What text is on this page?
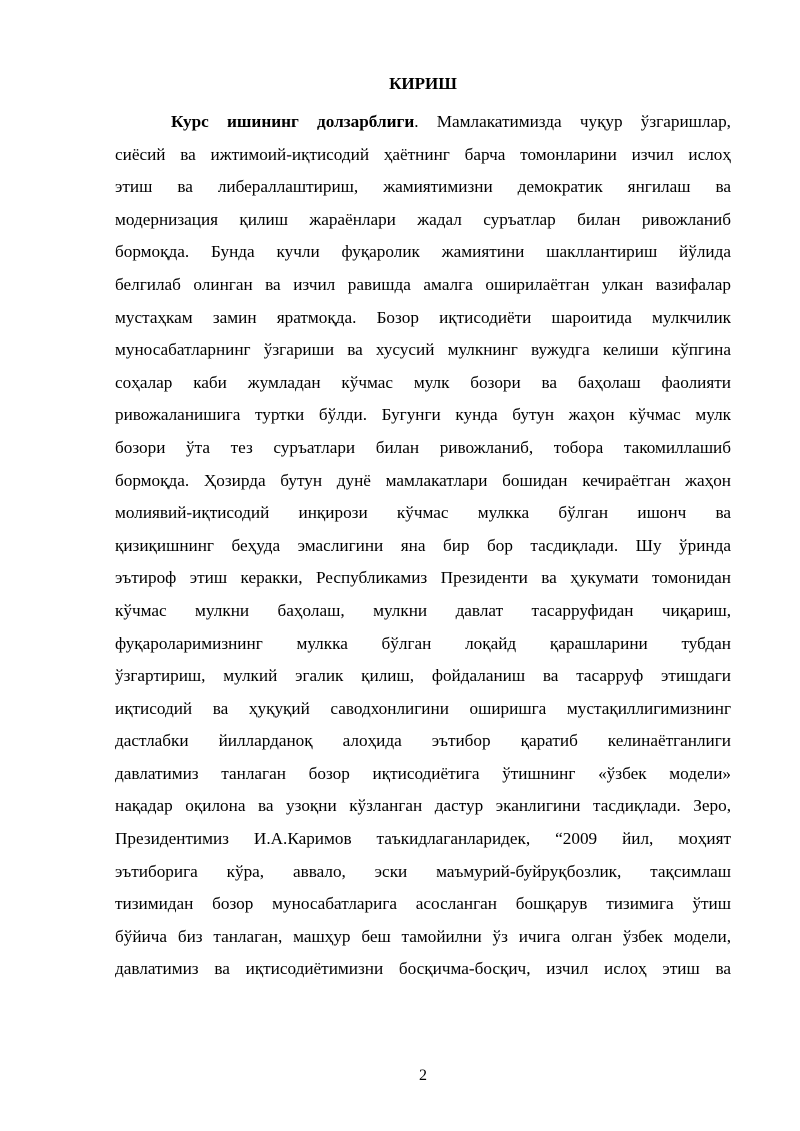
КИРИШ
Курс ишининг долзарблиги. Мамлакатимизда чуқур ўзгаришлар,
сиёсий ва ижтимоий-иқтисодий ҳаётнинг барча томонларини изчил ислоҳ
этиш ва либераллаштириш, жамиятимизни демократик янгилаш ва
модернизация қилиш жараёнлари жадал суръатлар билан ривожланиб
бормоқда. Бунда кучли фуқаролик жамиятини шакллантириш йўлида
белгилаб олинган ва изчил равишда амалга оширилаётган улкан вазифалар
мустаҳкам замин яратмоқда. Бозор иқтисодиёти шароитида мулкчилик
муносабатларнинг ўзгариши ва хусусий мулкнинг вужудга келиши кўпгина
соҳалар каби жумладан кўчмас мулк бозори ва баҳолаш фаолияти
ривожаланишига туртки бўлди. Бугунги кунда бутун жаҳон кўчмас мулк
бозори ўта тез суръатлари билан ривожланиб, тобора такомиллашиб
бормоқда. Ҳозирда бутун дунё мамлакатлари бошидан кечираётган жаҳон
молиявий-иқтисодий инқирози кўчмас мулкка бўлган ишонч ва
қизиқишнинг беҳуда эмаслигини яна бир бор тасдиқлади. Шу ўринда
эътироф этиш керакки, Республикамиз Президенти ва ҳукумати томонидан
кўчмас мулкни баҳолаш, мулкни давлат тасарруфидан чиқариш,
фуқароларимизнинг мулкка бўлган лоқайд қарашларини тубдан
ўзгартириш, мулкий эгалик қилиш, фойдаланиш ва тасарруф этишдаги
иқтисодий ва ҳуқуқий саводхонлигини оширишга мустақиллигимизнинг
дастлабки йилларданоқ алоҳида эътибор қаратиб келинаётганлиги
давлатимиз танлаган бозор иқтисодиётига ўтишнинг «ўзбек модели»
нақадар оқилона ва узоқни кўзланган дастур эканлигини тасдиқлади. Зеро,
Президентимиз И.А.Каримов таъкидлаганларидек, “2009 йил, моҳият
эътиборига кўра, аввало, эски маъмурий-буйруқбозлик, тақсимлаш
тизимидан бозор муносабатларига асосланган бошқарув тизимига ўтиш
бўйича биз танлаган, машҳур беш тамойилни ўз ичига олган ўзбек модели,
давлатимиз ва иқтисодиётимизни босқичма-босқич, изчил ислоҳ этиш ва
2
